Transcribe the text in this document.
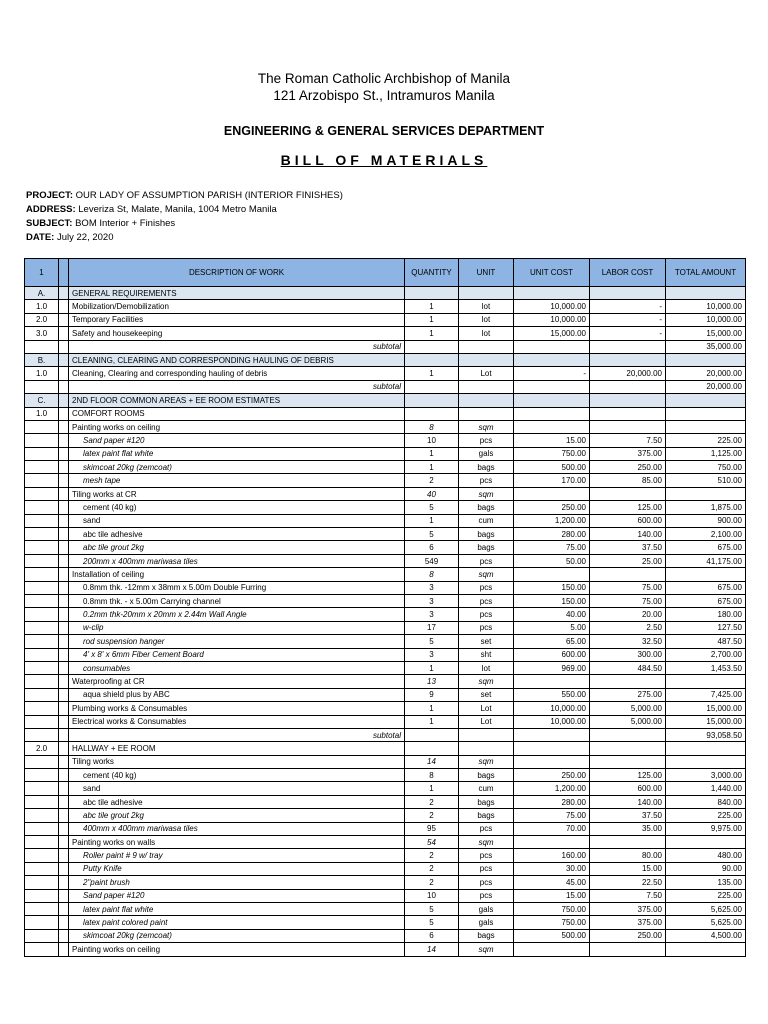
The Roman Catholic Archbishop of Manila
121 Arzobispo St., Intramuros Manila
ENGINEERING & GENERAL SERVICES DEPARTMENT
BILL OF MATERIALS
PROJECT: OUR LADY OF ASSUMPTION PARISH (INTERIOR FINISHES)
ADDRESS: Leveriza St, Malate, Manila, 1004 Metro Manila
SUBJECT: BOM Interior + Finishes
DATE: July 22, 2020
1		DESCRIPTION OF WORK	QUANTITY	UNIT	UNIT COST	LABOR COST	TOTAL AMOUNT
A.		GENERAL REQUIREMENTS					
1.0		Mobilization/Demobilization	1	lot	10,000.00	-	10,000.00
2.0		Temporary Facilities	1	lot	10,000.00	-	10,000.00
3.0		Safety and housekeeping	1	lot	15,000.00	-	15,000.00
		subtotal					35,000.00
B.		CLEANING, CLEARING AND CORRESPONDING HAULING OF DEBRIS					
1.0		Cleaning, Clearing and corresponding hauling of debris	1	Lot	-	20,000.00	20,000.00
		subtotal					20,000.00
C.		2ND FLOOR COMMON AREAS + EE ROOM ESTIMATES					
1.0		COMFORT ROOMS					
		Painting works on ceiling	8	sqm			
		Sand paper #120	10	pcs	15.00	7.50	225.00
		latex paint flat white	1	gals	750.00	375.00	1,125.00
		skimcoat 20kg (zemcoat)	1	bags	500.00	250.00	750.00
		mesh tape	2	pcs	170.00	85.00	510.00
		Tiling works at CR	40	sqm			
		cement (40 kg)	5	bags	250.00	125.00	1,875.00
		sand	1	cum	1,200.00	600.00	900.00
		abc tile adhesive	5	bags	280.00	140.00	2,100.00
		abc tile grout 2kg	6	bags	75.00	37.50	675.00
		200mm x 400mm mariwasa tiles	549	pcs	50.00	25.00	41,175.00
		Installation of ceiling	8	sqm			
		0.8mm thk. -12mm x 38mm x 5.00m Double Furring	3	pcs	150.00	75.00	675.00
		0.8mm thk. - x 5.00m Carrying channel	3	pcs	150.00	75.00	675.00
		0.2mm thk-20mm x 20mm x 2.44m Wall Angle	3	pcs	40.00	20.00	180.00
		w-clip	17	pcs	5.00	2.50	127.50
		rod suspension hanger	5	set	65.00	32.50	487.50
		4' x 8' x 6mm Fiber Cement Board	3	sht	600.00	300.00	2,700.00
		consumables	1	lot	969.00	484.50	1,453.50
		Waterproofing at CR	13	sqm			
		aqua shield plus by ABC	9	set	550.00	275.00	7,425.00
		Plumbing works & Consumables	1	Lot	10,000.00	5,000.00	15,000.00
		Electrical works & Consumables	1	Lot	10,000.00	5,000.00	15,000.00
		subtotal					93,058.50
2.0		HALLWAY + EE ROOM					
		Tiling works	14	sqm			
		cement (40 kg)	8	bags	250.00	125.00	3,000.00
		sand	1	cum	1,200.00	600.00	1,440.00
		abc tile adhesive	2	bags	280.00	140.00	840.00
		abc tile grout 2kg	2	bags	75.00	37.50	225.00
		400mm x 400mm mariwasa tiles	95	pcs	70.00	35.00	9,975.00
		Painting works on walls	54	sqm			
		Roller paint # 9 w/ tray	2	pcs	160.00	80.00	480.00
		Putty Knife	2	pcs	30.00	15.00	90.00
		2"paint brush	2	pcs	45.00	22.50	135.00
		Sand paper #120	10	pcs	15.00	7.50	225.00
		latex paint flat white	5	gals	750.00	375.00	5,625.00
		latex paint colored paint	5	gals	750.00	375.00	5,625.00
		skimcoat 20kg (zemcoat)	6	bags	500.00	250.00	4,500.00
		Painting works on ceiling	14	sqm			
